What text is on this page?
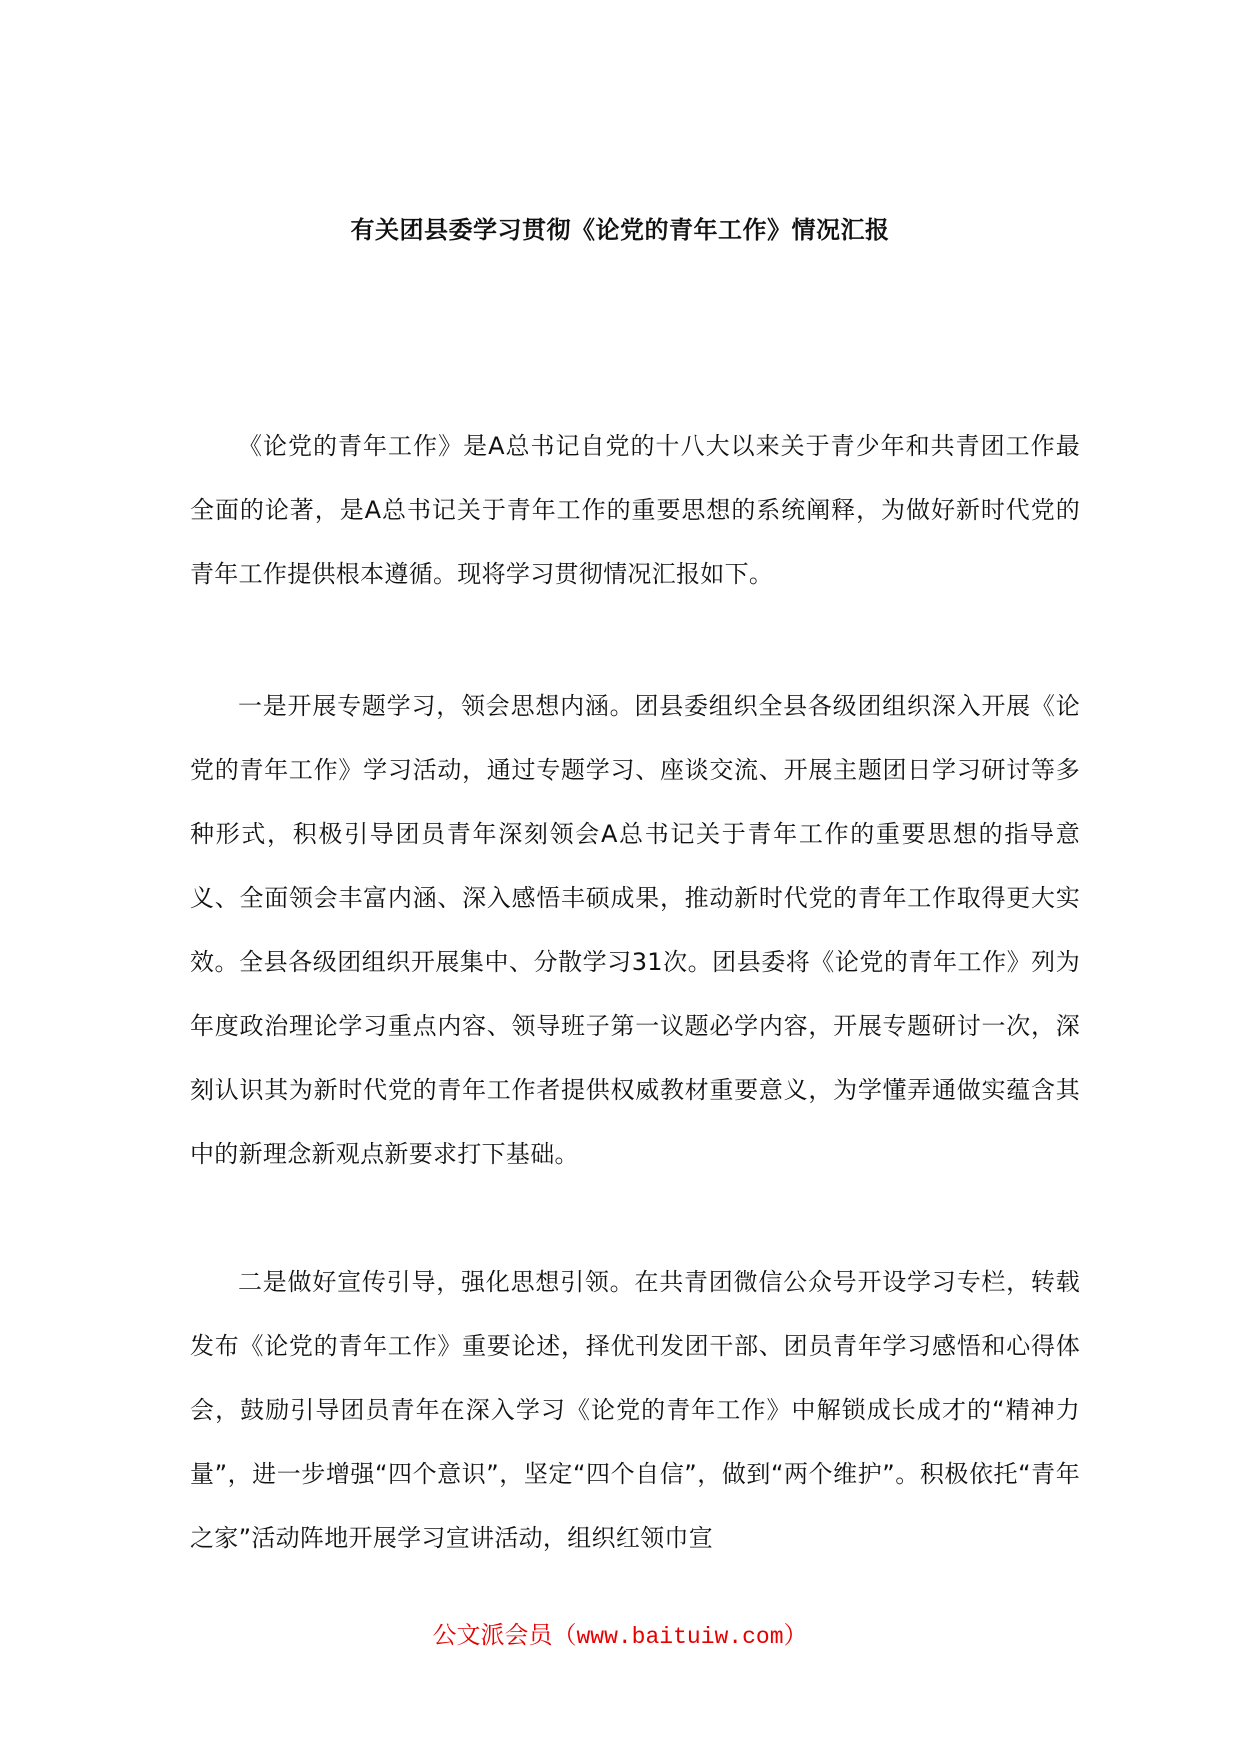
有关团县委学习贯彻《论党的青年工作》情况汇报

《论党的青年工作》是A总书记自党的十八大以来关于青少年和共青团工作最全面的论著，是A总书记关于青年工作的重要思想的系统阐释，为做好新时代党的青年工作提供根本遵循。现将学习贯彻情况汇报如下。

一是开展专题学习，领会思想内涵。团县委组织全县各级团组织深入开展《论党的青年工作》学习活动，通过专题学习、座谈交流、开展主题团日学习研讨等多种形式，积极引导团员青年深刻领会A总书记关于青年工作的重要思想的指导意义、全面领会丰富内涵、深入感悟丰硕成果，推动新时代党的青年工作取得更大实效。全县各级团组织开展集中、分散学习31次。团县委将《论党的青年工作》列为年度政治理论学习重点内容、领导班子第一议题必学内容，开展专题研讨一次，深刻认识其为新时代党的青年工作者提供权威教材重要意义，为学懂弄通做实蕴含其中的新理念新观点新要求打下基础。

二是做好宣传引导，强化思想引领。在共青团微信公众号开设学习专栏，转载发布《论党的青年工作》重要论述，择优刊发团干部、团员青年学习感悟和心得体会，鼓励引导团员青年在深入学习《论党的青年工作》中解锁成长成才的“精神力量”，进一步增强“四个意识”，坚定“四个自信”，做到“两个维护”。积极依托“青年之家”活动阵地开展学习宣讲活动，组织红领巾宣

公文派会员（www.baituiw.com）
